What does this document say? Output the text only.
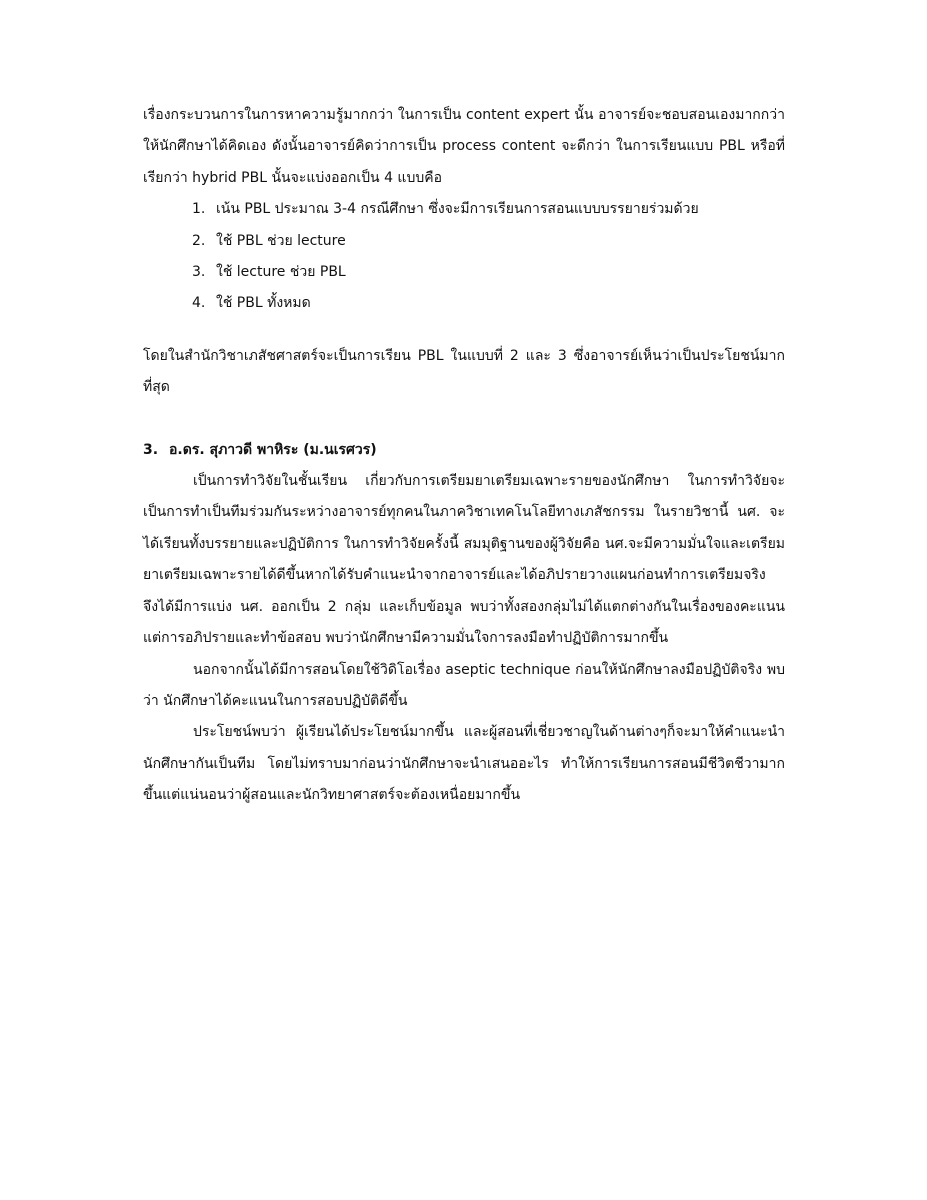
เรื่องกระบวนการในการหาความรู้มากกว่า ในการเป็น content expert นั้น อาจารย์จะชอบสอนเองมากกว่าให้นักศึกษาได้คิดเอง ดังนั้นอาจารย์คิดว่าการเป็น process content จะดีกว่า ในการเรียนแบบ PBL หรือที่เรียกว่า hybrid PBL นั้นจะแบ่งออกเป็น 4 แบบคือ

1. เน้น PBL ประมาณ 3-4 กรณีศึกษา ซึ่งจะมีการเรียนการสอนแบบบรรยายร่วมด้วย
2. ใช้ PBL ช่วย lecture
3. ใช้ lecture ช่วย PBL
4. ใช้ PBL ทั้งหมด

โดยในสำนักวิชาเภสัชศาสตร์จะเป็นการเรียน PBL ในแบบที่ 2 และ 3 ซึ่งอาจารย์เห็นว่าเป็นประโยชน์มากที่สุด

3. อ.ดร. สุภาวดี พาหิระ (ม.นเรศวร)

เป็นการทำวิจัยในชั้นเรียน เกี่ยวกับการเตรียมยาเตรียมเฉพาะรายของนักศึกษา ในการทำวิจัยจะเป็นการทำเป็นทีมร่วมกันระหว่างอาจารย์ทุกคนในภาควิชาเทคโนโลยีทางเภสัชกรรม ในรายวิชานี้ นศ. จะได้เรียนทั้งบรรยายและปฏิบัติการ ในการทำวิจัยครั้งนี้ สมมุติฐานของผู้วิจัยคือ นศ.จะมีความมั่นใจและเตรียมยาเตรียมเฉพาะรายได้ดีขึ้นหากได้รับคำแนะนำจากอาจารย์และได้อภิปรายวางแผนก่อนทำการเตรียมจริง จึงได้มีการแบ่ง นศ. ออกเป็น 2 กลุ่ม และเก็บข้อมูล พบว่าทั้งสองกลุ่มไม่ได้แตกต่างกันในเรื่องของคะแนน แต่การอภิปรายและทำข้อสอบ พบว่านักศึกษามีความมั่นใจการลงมือทำปฏิบัติการมากขึ้น

นอกจากนั้นได้มีการสอนโดยใช้วิดิโอเรื่อง aseptic technique ก่อนให้นักศึกษาลงมือปฏิบัติจริง พบว่า นักศึกษาได้คะแนนในการสอบปฏิบัติดีขึ้น

ประโยชน์พบว่า ผู้เรียนได้ประโยชน์มากขึ้น และผู้สอนที่เชี่ยวชาญในด้านต่างๆก็จะมาให้คำแนะนำนักศึกษากันเป็นทีม โดยไม่ทราบมาก่อนว่านักศึกษาจะนำเสนออะไร ทำให้การเรียนการสอนมีชีวิตชีวามากขึ้นแต่แน่นอนว่าผู้สอนและนักวิทยาศาสตร์จะต้องเหนื่อยมากขึ้น
